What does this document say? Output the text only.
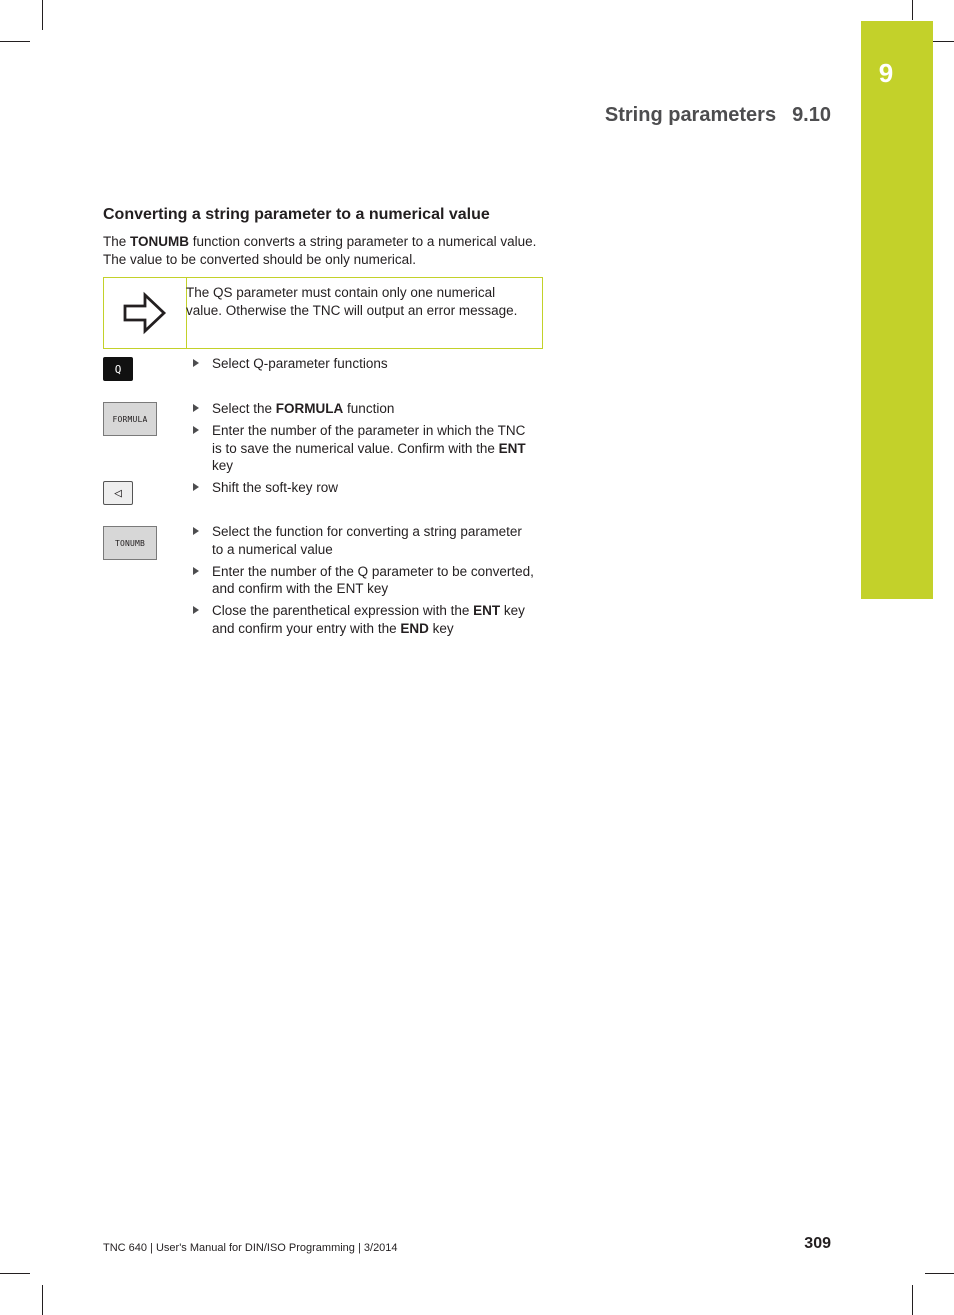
9
String parameters 9.10
Converting a string parameter to a numerical value
The TONUMB function converts a string parameter to a numerical value. The value to be converted should be only numerical.
The QS parameter must contain only one numerical value. Otherwise the TNC will output an error message.
Q
FORMULA
◁
TONUMB
Select Q-parameter functions
Select the FORMULA function
Enter the number of the parameter in which the TNC is to save the numerical value. Confirm with the ENT key
Shift the soft-key row
Select the function for converting a string parameter to a numerical value
Enter the number of the Q parameter to be converted, and confirm with the ENT key
Close the parenthetical expression with the ENT key and confirm your entry with the END key
TNC 640 | User's Manual for DIN/ISO Programming | 3/2014	309
